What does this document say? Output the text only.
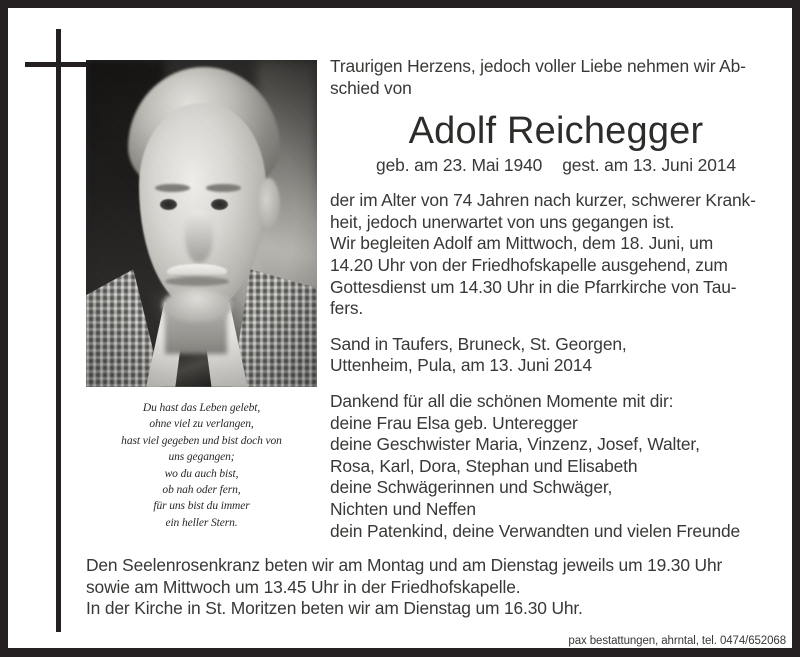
Du hast das Leben gelebt,
ohne viel zu verlangen,
hast viel gegeben und bist doch von
uns gegangen;
wo du auch bist,
ob nah oder fern,
für uns bist du immer
ein heller Stern.
Traurigen Herzens, jedoch voller Liebe nehmen wir Ab-
schied von
Adolf Reichegger
geb. am 23. Mai 1940 gest. am 13. Juni 2014
der im Alter von 74 Jahren nach kurzer, schwerer Krank-
heit, jedoch unerwartet von uns gegangen ist.
Wir begleiten Adolf am Mittwoch, dem 18. Juni, um
14.20 Uhr von der Friedhofskapelle ausgehend, zum
Gottesdienst um 14.30 Uhr in die Pfarrkirche von Tau-
fers.
Sand in Taufers, Bruneck, St. Georgen,
Uttenheim, Pula, am 13. Juni 2014
Dankend für all die schönen Momente mit dir:
deine Frau Elsa geb. Unteregger
deine Geschwister Maria, Vinzenz, Josef, Walter,
Rosa, Karl, Dora, Stephan und Elisabeth
deine Schwägerinnen und Schwäger,
Nichten und Neffen
dein Patenkind, deine Verwandten und vielen Freunde
Den Seelenrosenkranz beten wir am Montag und am Dienstag jeweils um 19.30 Uhr
sowie am Mittwoch um 13.45 Uhr in der Friedhofskapelle.
In der Kirche in St. Moritzen beten wir am Dienstag um 16.30 Uhr.
pax bestattungen, ahrntal, tel. 0474/652068
